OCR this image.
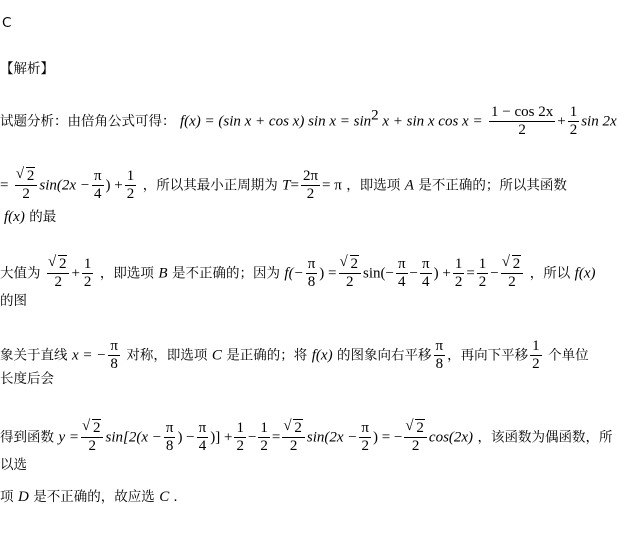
C
【解析】
试题分析：由倍角公式可得： f(x) = (sin x + cos x) $\sin x = \sin^2 x + \sin x$ $\cos x = \frac{1 - \cos 2x}{2} + \frac{1}{2}$ sin 2x
= √ $\frac{2}{2} \sin(2x - \frac{\pi}{4}$ ) + $\frac{1}{2}$ ，所以其最小正周期为 $T= \frac{2\pi}{2} = \pi$ ，即选项 A 是不正确的；所以其函数
f(x) 的最
大值为 √ $\frac{2}{2} + \frac{1}{2}$ ，即选项 B 是不正确的；因为 $f(- \frac{\pi}{8}$ ) = √ $\frac{2}{2} \sin(- \frac{\pi}{4} - \frac{\pi}{4}$ ) + $\frac{1}{2} = \frac{1}{2}$ − √ $\frac{2}{2}$ ，所以 f(x)
的图
象关于直线 x = − $\frac{\pi}{8}$ 对称，即选项 C 是正确的；将 f(x) 的图象向右平移 $\frac{\pi}{8}$ ，再向下平移 $\frac{1}{2}$ 个单位
长度后会
得到函数 y = √ $\frac{2}{2} \sin[2(x - \frac{\pi}{8}$ ) − $\frac{\pi}{4}$ )] + $\frac{1}{2} - \frac{1}{2}$ = √ $\frac{2}{2} \sin(2x - \frac{\pi}{2}$ ) = − √ $\frac{2}{2} \cos(2x)$ ，该函数为偶函数，所
以选
项 D 是不正确的，故应选 C .
